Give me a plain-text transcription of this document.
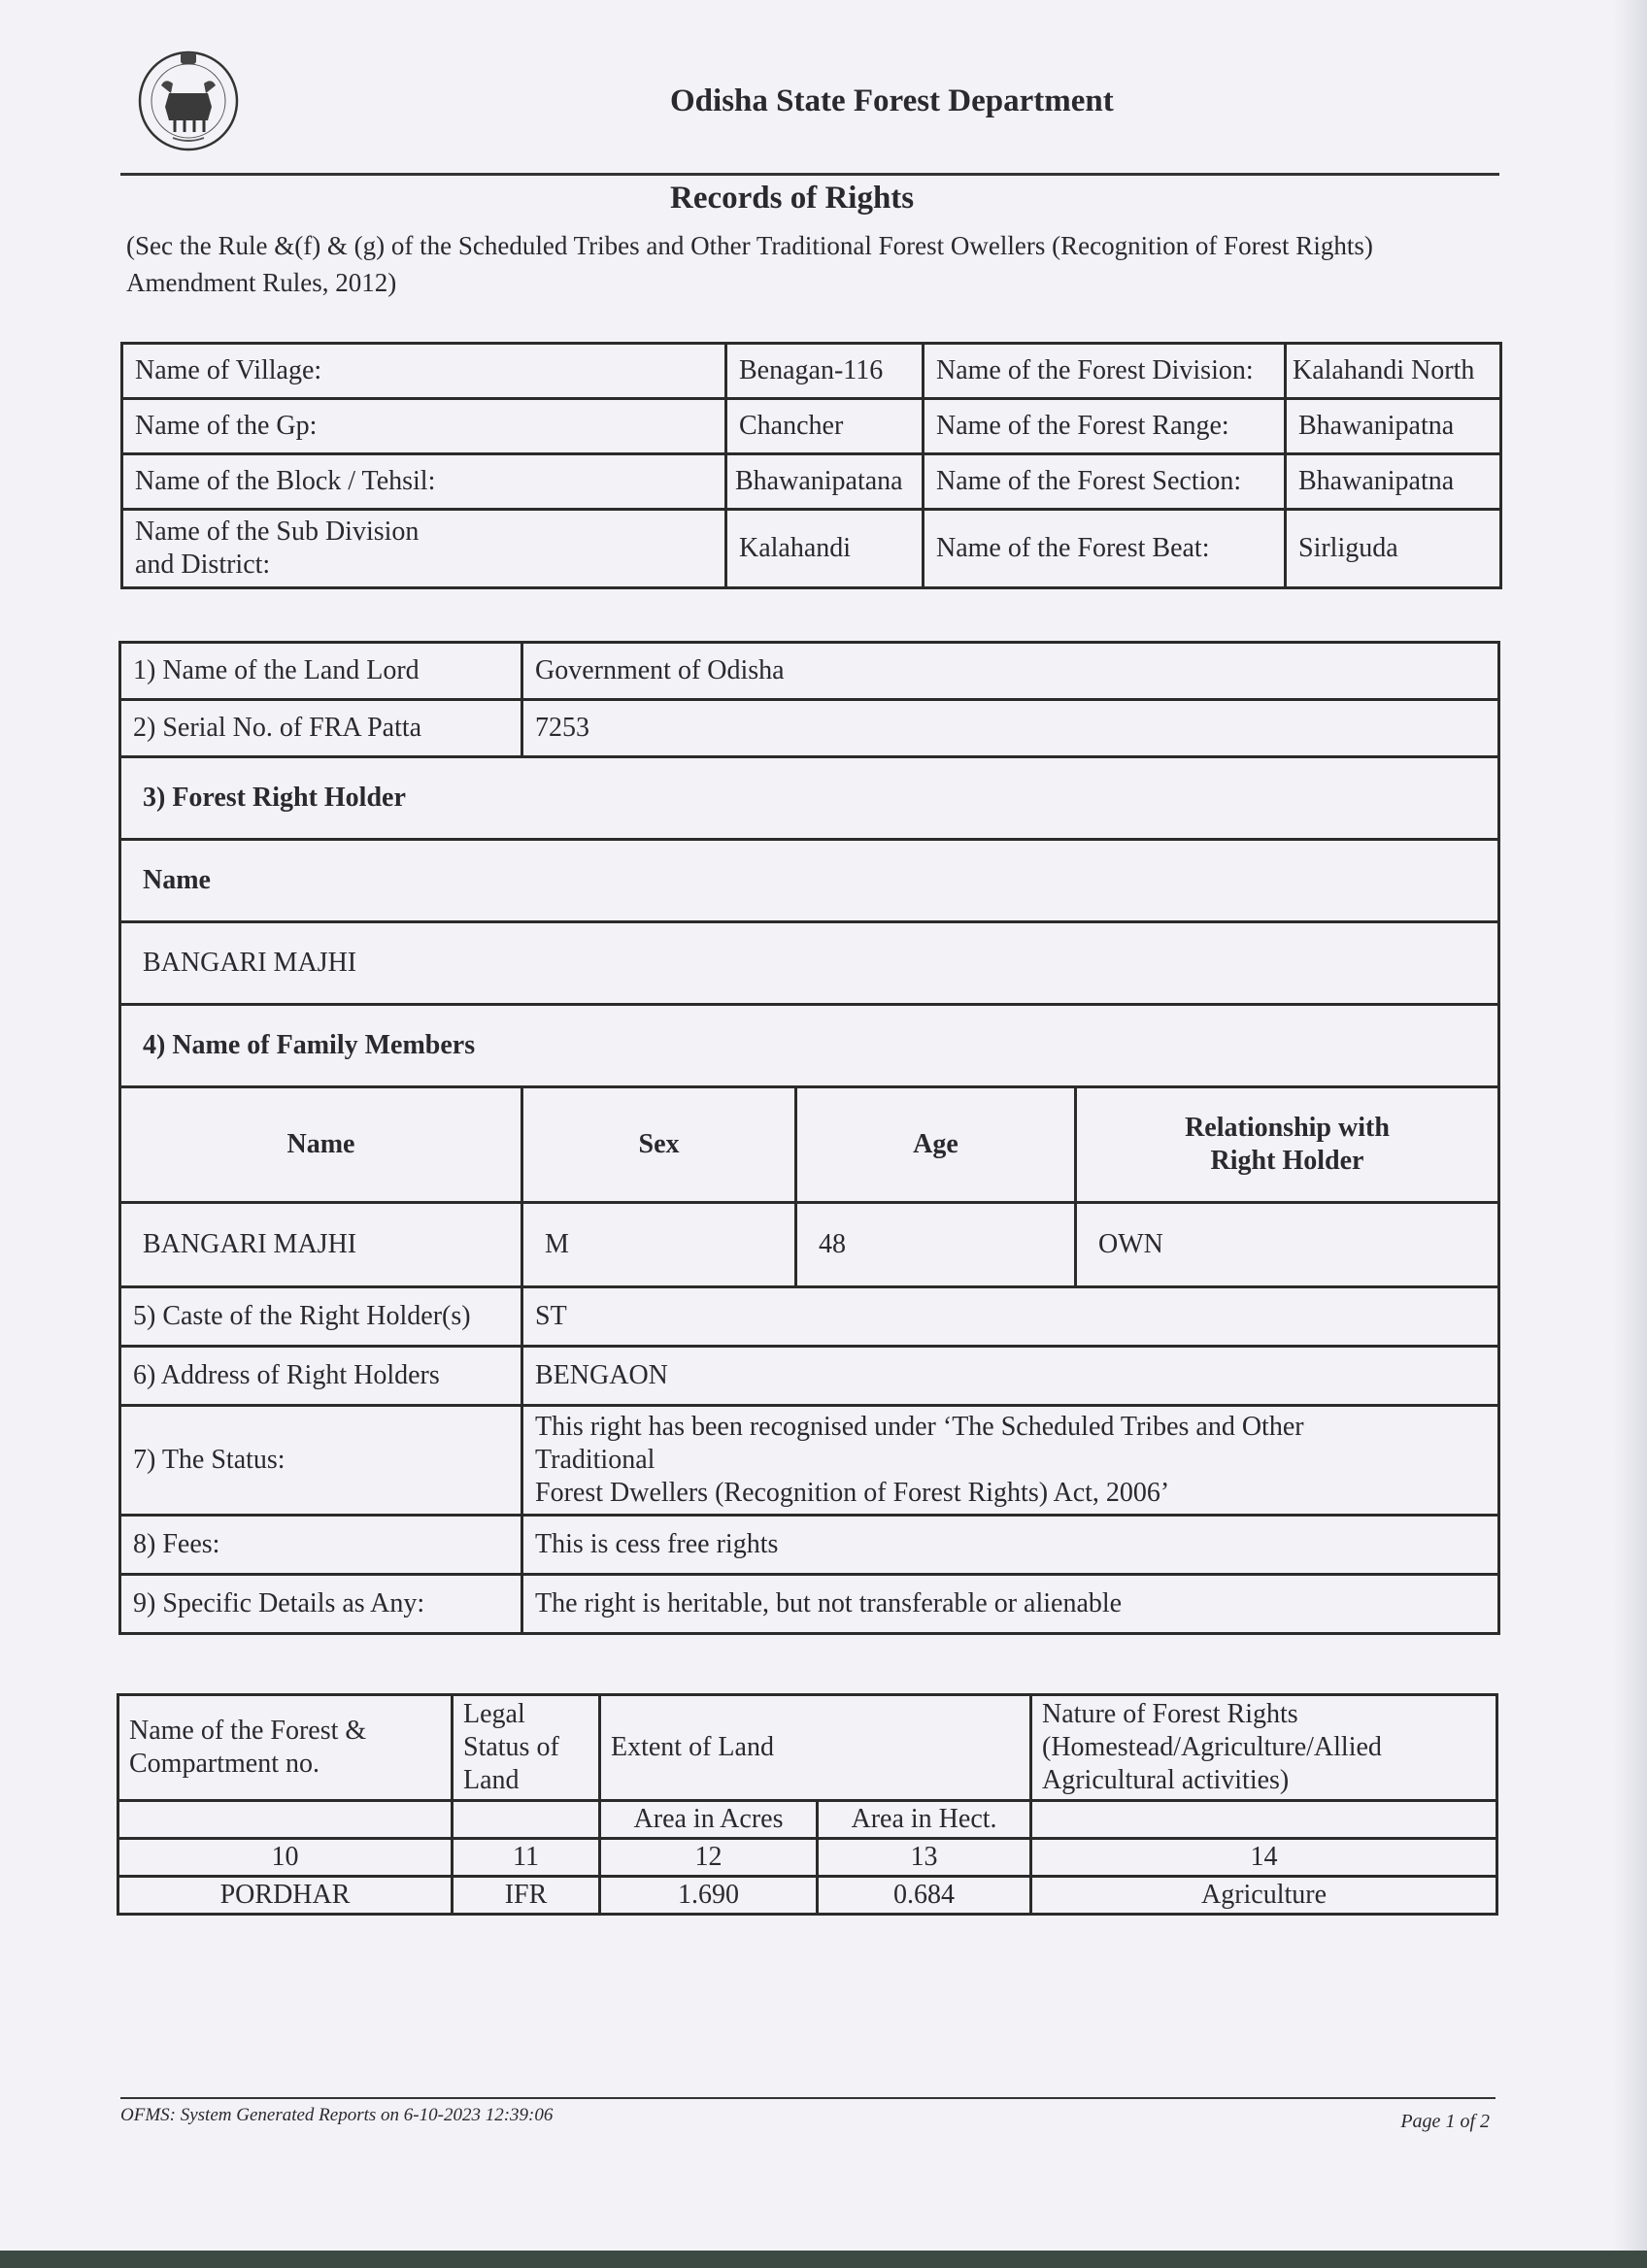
Odisha State Forest Department
Records of Rights
(Sec the Rule &(f) & (g) of the Scheduled Tribes and Other Traditional Forest Owellers (Recognition of Forest Rights) Amendment Rules, 2012)
Name of Village:	Benagan-116	Name of the Forest Division:	Kalahandi North
Name of the Gp:	Chancher	Name of the Forest Range:	Bhawanipatna
Name of the Block / Tehsil:	Bhawanipatana	Name of the Forest Section:	Bhawanipatna
Name of the Sub Division and District:	Kalahandi	Name of the Forest Beat:	Sirliguda
1) Name of the Land Lord	Government of Odisha		
2) Serial No. of FRA Patta	7253		
3) Forest Right Holder			
Name			
BANGARI MAJHI			
4) Name of Family Members			
Name	Sex	Age	Relationship with Right Holder
BANGARI MAJHI	M	48	OWN
5) Caste of the Right Holder(s)	ST		
6) Address of Right Holders	BENGAON		
7) The Status:	This right has been recognised under ‘The Scheduled Tribes and Other Traditional
Forest Dwellers (Recognition of Forest Rights) Act, 2006’		

8) Fees:	This is cess free rights		
9) Specific Details as Any:	The right is heritable, but not transferable or alienable		
Name of the Forest & Compartment no.	Legal Status of Land	Extent of Land		Nature of Forest Rights (Homestead/Agriculture/Allied Agricultural activities)
		Area in Acres	Area in Hect.	
10	11	12	13	14
PORDHAR	IFR	1.690	0.684	Agriculture
OFMS: System Generated Reports on 6-10-2023 12:39:06	Page 1 of 2
